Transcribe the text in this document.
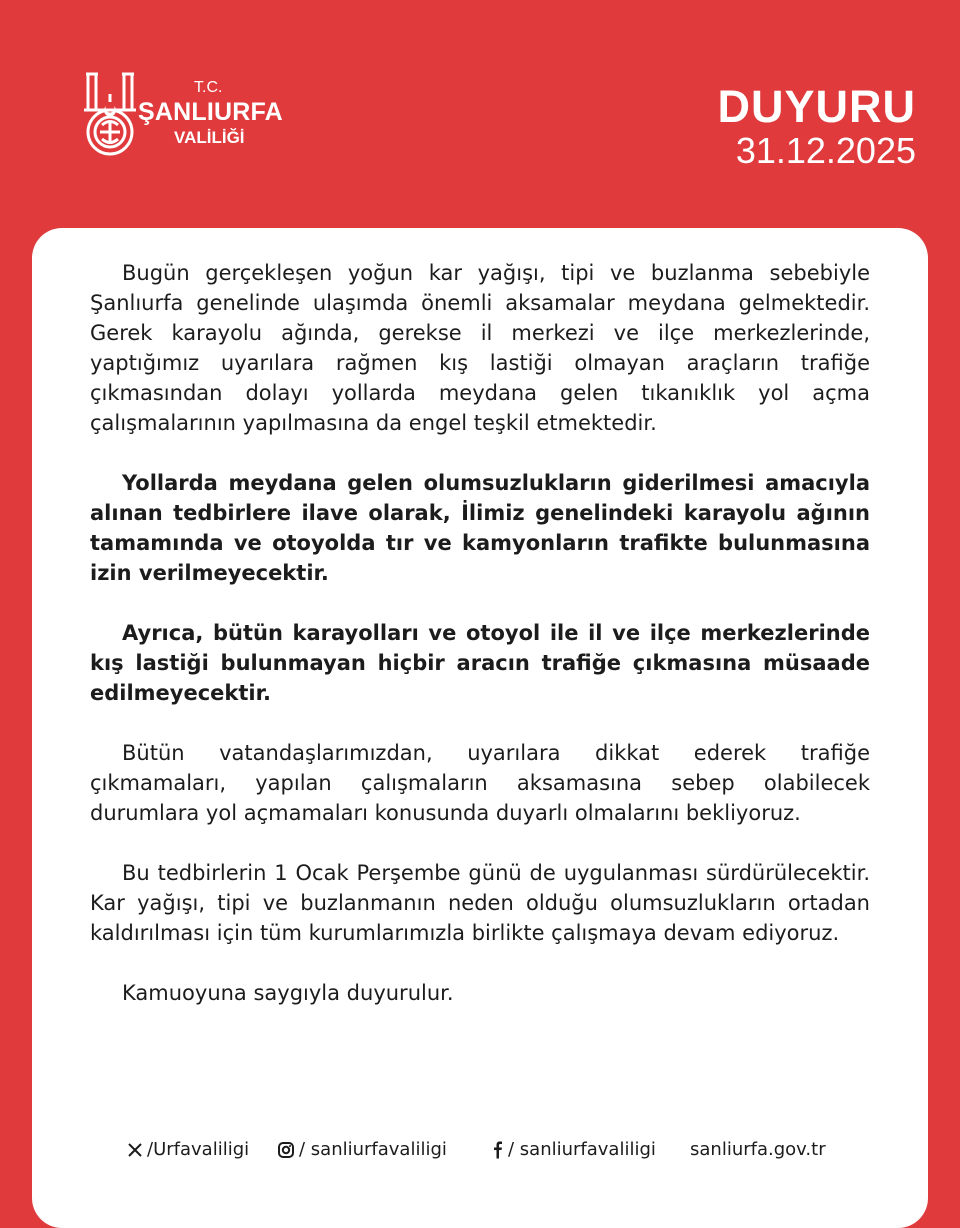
T.C.
ŞANLIURFA
VALİLİĞİ
DUYURU
31.12.2025

Bugün gerçekleşen yoğun kar yağışı, tipi ve buzlanma sebebiyle Şanlıurfa genelinde ulaşımda önemli aksamalar meydana gelmektedir. Gerek karayolu ağında, gerekse il merkezi ve ilçe merkezlerinde, yaptığımız uyarılara rağmen kış lastiği olmayan araçların trafiğe çıkmasından dolayı yollarda meydana gelen tıkanıklık yol açma çalışmalarının yapılmasına da engel teşkil etmektedir.

Yollarda meydana gelen olumsuzlukların giderilmesi amacıyla alınan tedbirlere ilave olarak, İlimiz genelindeki karayolu ağının tamamında ve otoyolda tır ve kamyonların trafikte bulunmasına izin verilmeyecektir.

Ayrıca, bütün karayolları ve otoyol ile il ve ilçe merkezlerinde kış lastiği bulunmayan hiçbir aracın trafiğe çıkmasına müsaade edilmeyecektir.

Bütün vatandaşlarımızdan, uyarılara dikkat ederek trafiğe çıkmamaları, yapılan çalışmaların aksamasına sebep olabilecek durumlara yol açmamaları konusunda duyarlı olmalarını bekliyoruz.

Bu tedbirlerin 1 Ocak Perşembe günü de uygulanması sürdürülecektir. Kar yağışı, tipi ve buzlanmanın neden olduğu olumsuzlukların ortadan kaldırılması için tüm kurumlarımızla birlikte çalışmaya devam ediyoruz.

Kamuoyuna saygıyla duyurulur.

/Urfavaliligi	/ sanliurfavaliligi	/ sanliurfavaliligi sanliurfa.gov.tr
